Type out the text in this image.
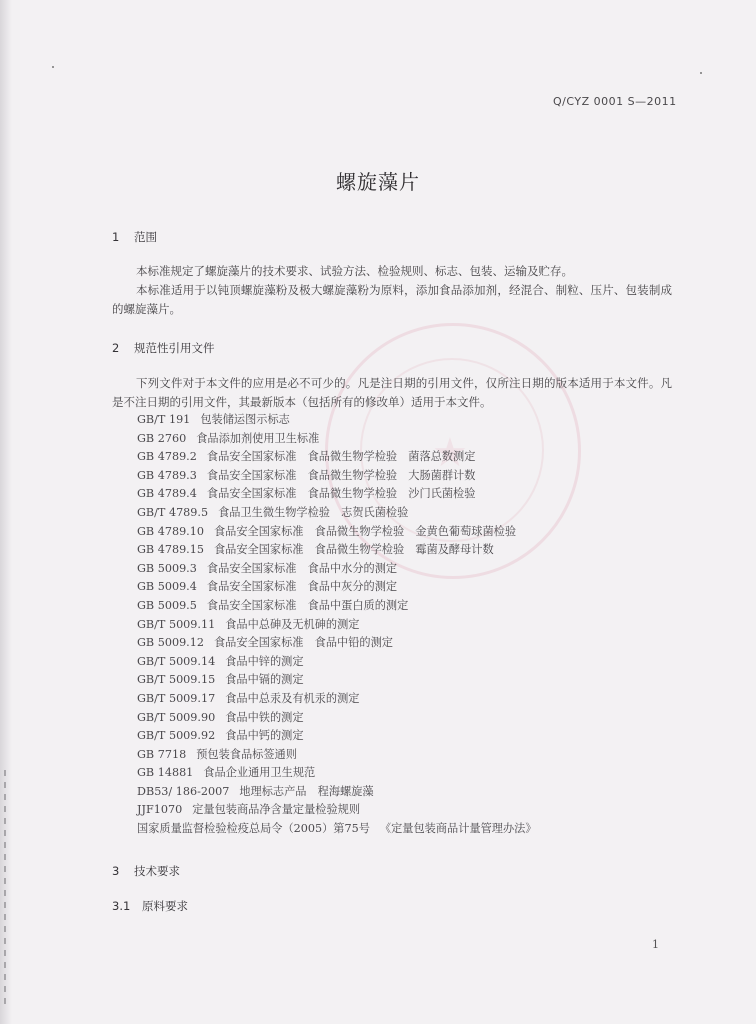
★
Q/CYZ 0001 S—2011
螺旋藻片
1 范围

本标准规定了螺旋藻片的技术要求、试验方法、检验规则、标志、包装、运输及贮存。

本标准适用于以钝顶螺旋藻粉及极大螺旋藻粉为原料，添加食品添加剂，经混合、制粒、压片、包装制成的螺旋藻片。

2 规范性引用文件

下列文件对于本文件的应用是必不可少的。凡是注日期的引用文件，仅所注日期的版本适用于本文件。凡是不注日期的引用文件，其最新版本（包括所有的修改单）适用于本文件。

GB/T 191 包装储运图示标志
GB 2760 食品添加剂使用卫生标准
GB 4789.2 食品安全国家标准　食品微生物学检验　菌落总数测定
GB 4789.3 食品安全国家标准　食品微生物学检验　大肠菌群计数
GB 4789.4 食品安全国家标准　食品微生物学检验　沙门氏菌检验
GB/T 4789.5 食品卫生微生物学检验　志贺氏菌检验
GB 4789.10 食品安全国家标准　食品微生物学检验　金黄色葡萄球菌检验
GB 4789.15 食品安全国家标准　食品微生物学检验　霉菌及酵母计数
GB 5009.3 食品安全国家标准　食品中水分的测定
GB 5009.4 食品安全国家标准　食品中灰分的测定
GB 5009.5 食品安全国家标准　食品中蛋白质的测定
GB/T 5009.11 食品中总砷及无机砷的测定
GB 5009.12 食品安全国家标准　食品中铅的测定
GB/T 5009.14 食品中锌的测定
GB/T 5009.15 食品中镉的测定
GB/T 5009.17 食品中总汞及有机汞的测定
GB/T 5009.90 食品中铁的测定
GB/T 5009.92 食品中钙的测定
GB 7718 预包装食品标签通则
GB 14881 食品企业通用卫生规范
DB53/ 186-2007 地理标志产品　程海螺旋藻
JJF1070 定量包装商品净含量定量检验规则
国家质量监督检验检疫总局令（2005）第75号 《定量包装商品计量管理办法》
3 技术要求
3.1 原料要求
1
